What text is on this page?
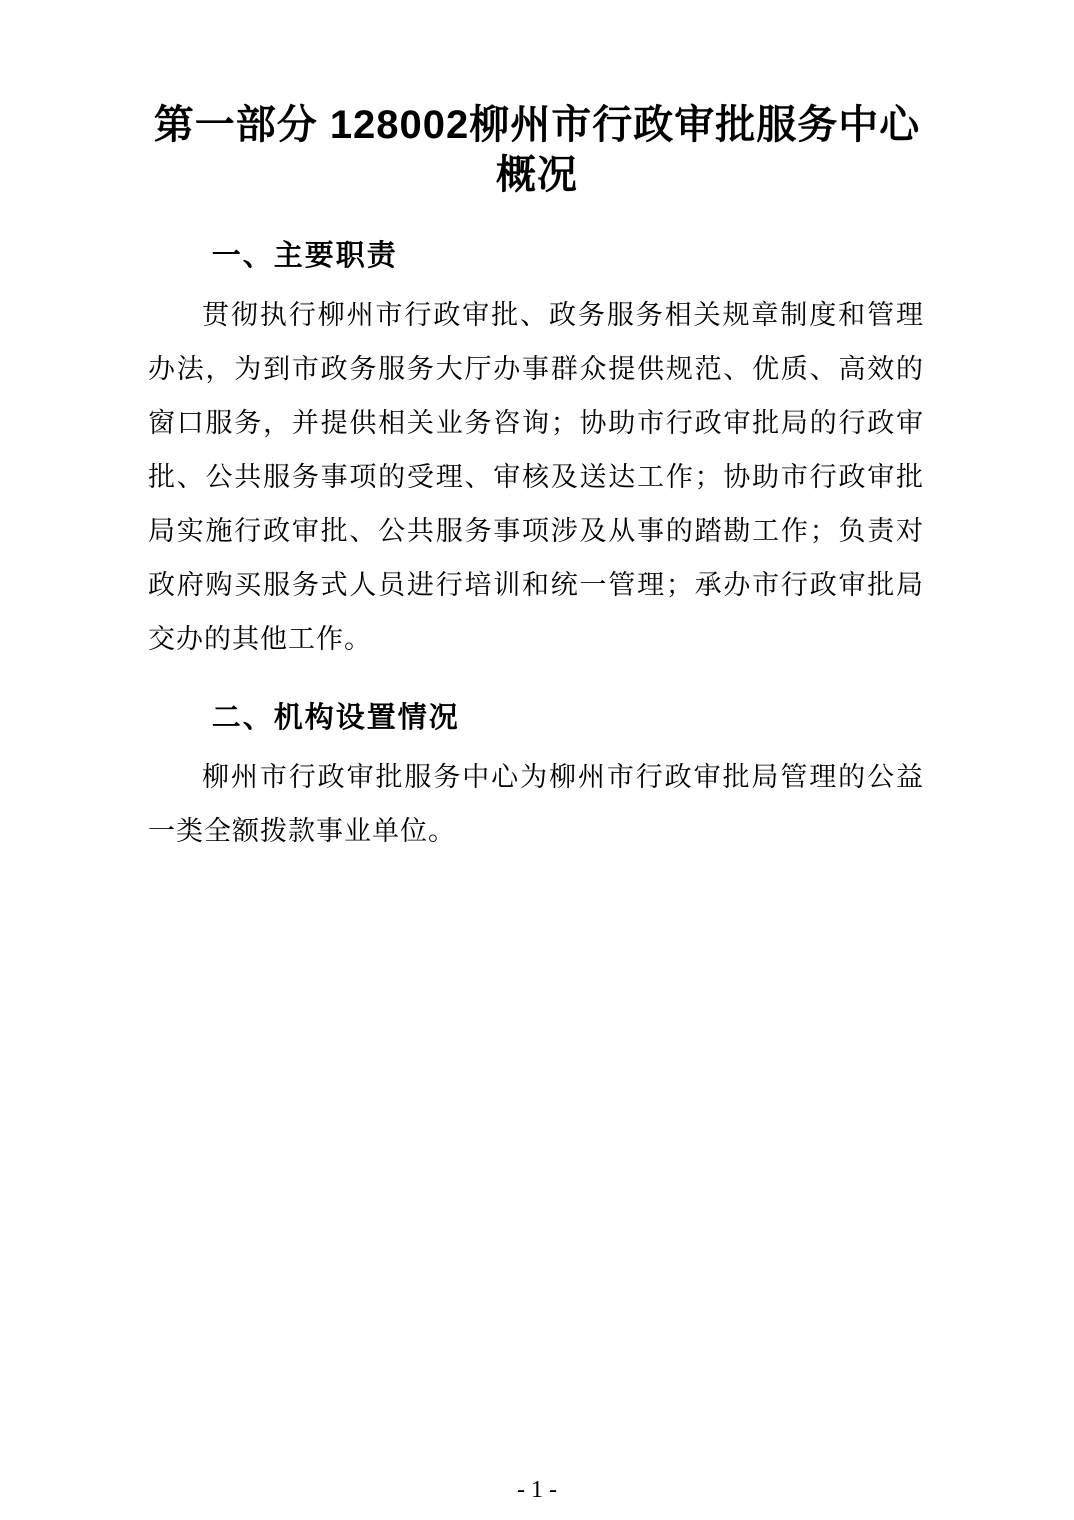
第一部分 128002柳州市行政审批服务中心
概况
一、主要职责

贯彻执行柳州市行政审批、政务服务相关规章制度和管理办法，为到市政务服务大厅办事群众提供规范、优质、高效的窗口服务，并提供相关业务咨询；协助市行政审批局的行政审批、公共服务事项的受理、审核及送达工作；协助市行政审批局实施行政审批、公共服务事项涉及从事的踏勘工作；负责对政府购买服务式人员进行培训和统一管理；承办市行政审批局交办的其他工作。

二、机构设置情况

柳州市行政审批服务中心为柳州市行政审批局管理的公益一类全额拨款事业单位。

- 1 -
